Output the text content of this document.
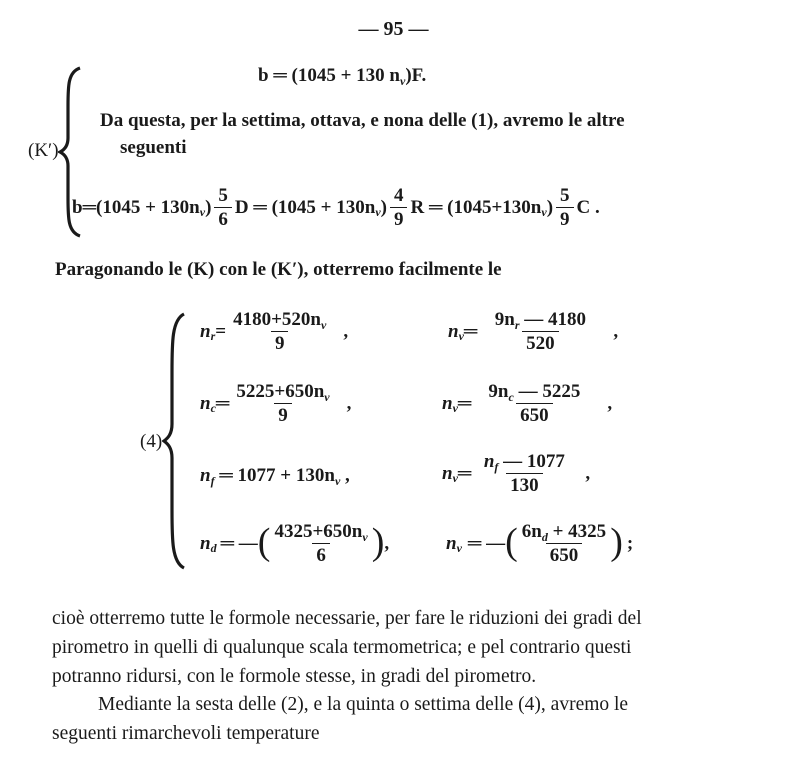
— 95 —
(K′)
b ═ (1045 + 130 $n_v)F$.
Da questa, per la settima, ottava, e nona delle (1), avremo le altre
seguenti
b═(1045 + 130n v ) $\frac{5}{6}$ D ═ (1045 + 130n v ) $\frac{4}{9}$ R ═ (1045+130n v ) $\frac{5}{9}$ C .
Paragonando le (K) con le (K′), otterremo facilmente le
(4)
n $r = \frac{4180+520n_v}{9}$ ,	n v ═ $\frac{9n_r — 4180}{520}$ ,
n c ═ $\frac{5225+650n_v}{9}$ ,	n v ═ $\frac{9n_c — 5225}{650}$ ,
$n_f$ ═ $1077 + 130n_v$ ,	n v ═ $\frac{n_f — 1077}{130}$ ,
n d ═ — ( $\frac{4325+650n_v}{6}$ ) ,	n v ═ — ( $\frac{6n_d + 4325}{650}$ ) ;
cioè otterremo tutte le formole necessarie, per fare le riduzioni dei gradi del
pirometro in quelli di qualunque scala termometrica; e pel contrario questi
potranno ridursi, con le formole stesse, in gradi del pirometro.
Mediante la sesta delle (2), e la quinta o settima delle (4), avremo le
seguenti rimarchevoli temperature
